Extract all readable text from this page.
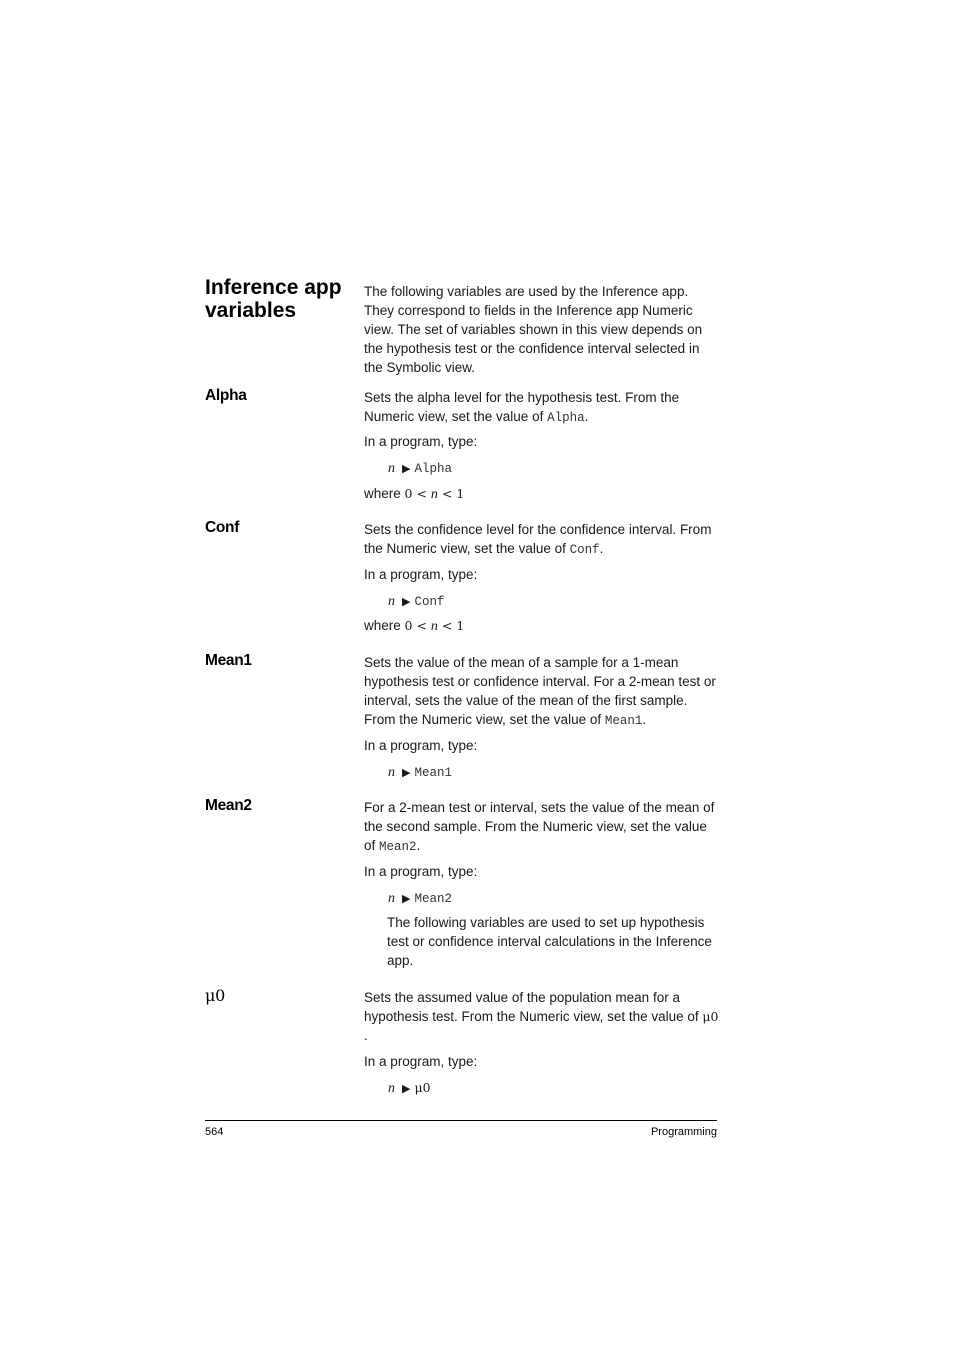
Inference app variables
The following variables are used by the Inference app. They correspond to fields in the Inference app Numeric view. The set of variables shown in this view depends on the hypothesis test or the confidence interval selected in the Symbolic view.
Alpha	Sets the alpha level for the hypothesis test. From the Numeric view, set the value of Alpha.
In a program, type:
n ▶ Alpha
where 0 < n < 1
Conf	Sets the confidence level for the confidence interval. From the Numeric view, set the value of Conf.
In a program, type:
n ▶ Conf
where 0 < n < 1
Mean1	Sets the value of the mean of a sample for a 1-mean hypothesis test or confidence interval. For a 2-mean test or interval, sets the value of the mean of the first sample. From the Numeric view, set the value of Mean1.
In a program, type:
n ▶ Mean1
Mean2	For a 2-mean test or interval, sets the value of the mean of the second sample. From the Numeric view, set the value of Mean2.
In a program, type:
n ▶ Mean2
The following variables are used to set up hypothesis test or confidence interval calculations in the Inference app.
μ0	Sets the assumed value of the population mean for a hypothesis test. From the Numeric view, set the value of μ0 .
In a program, type:
n ▶ μ0
564	Programming
